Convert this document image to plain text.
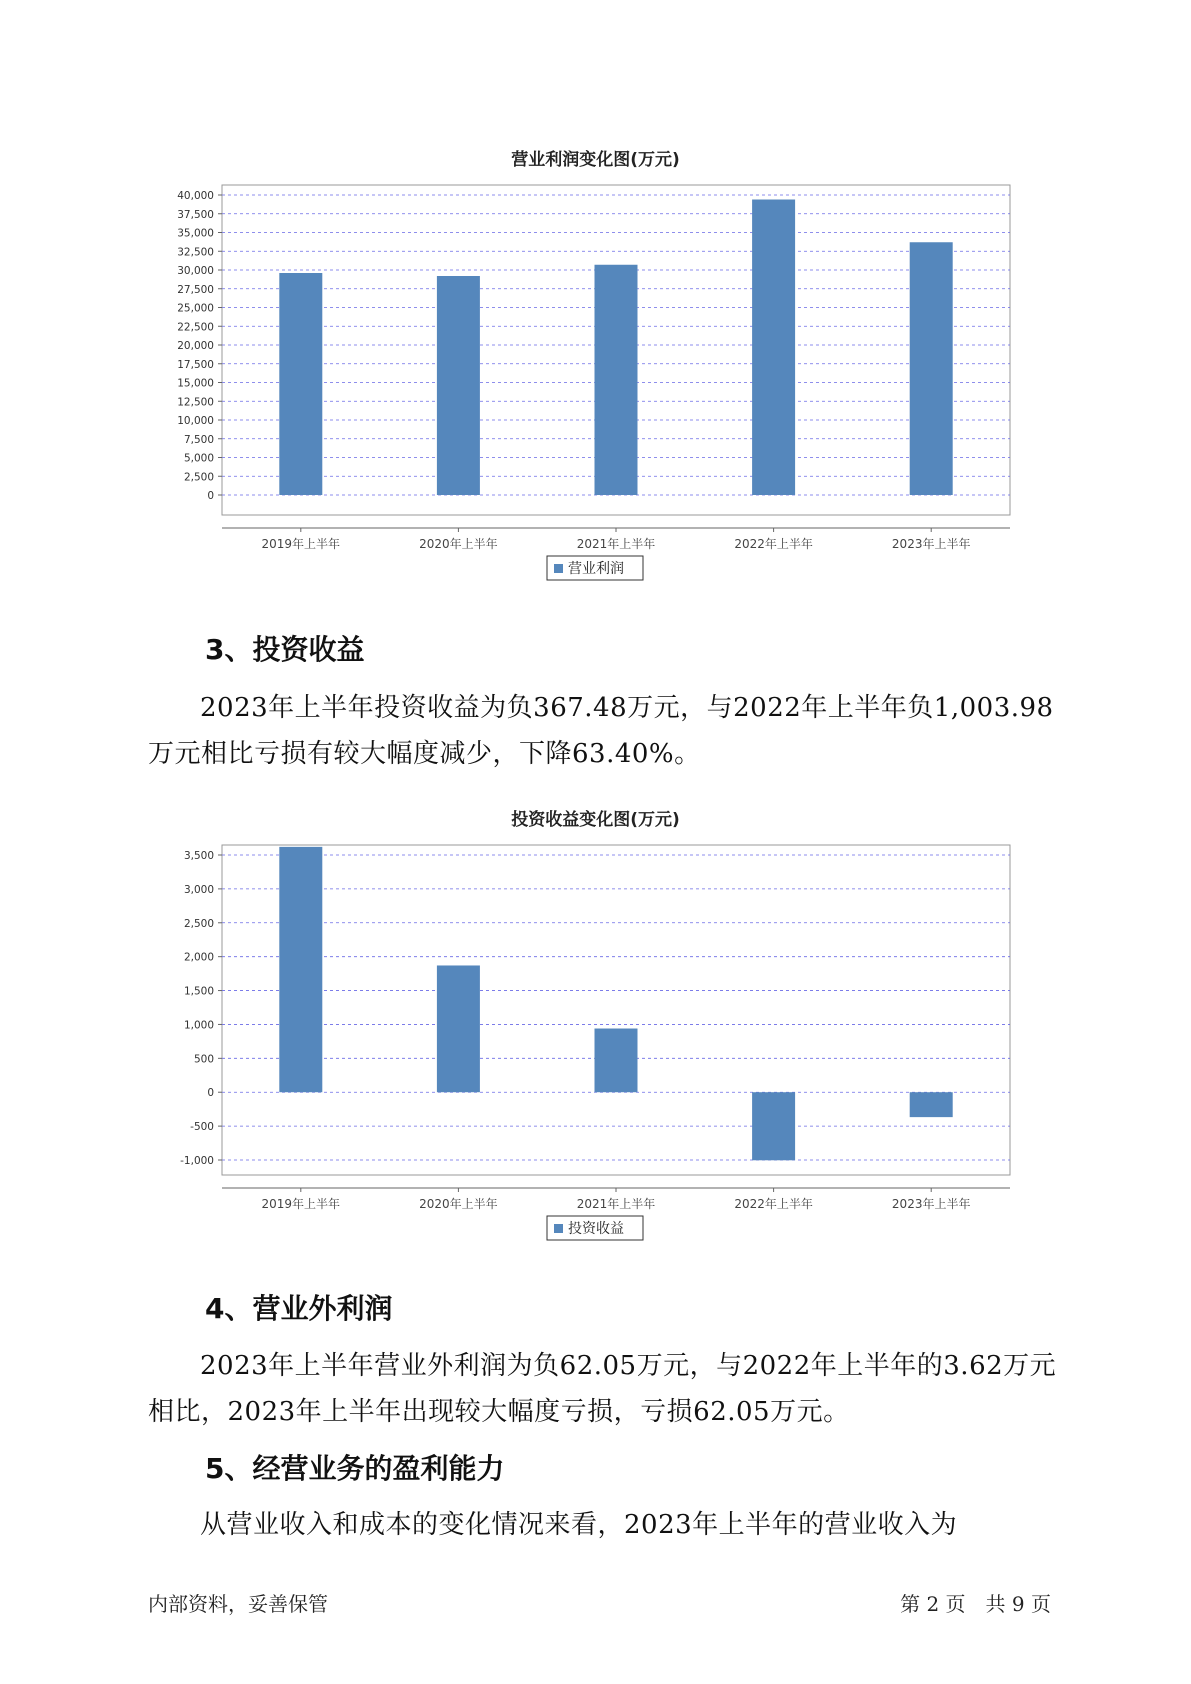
营业利润变化图(万元)
0
2,500
5,000
7,500
10,000
12,500
15,000
17,500
20,000
22,500
25,000
27,500
30,000
32,500
35,000
37,500
40,000
2019年上半年	2020年上半年	2021年上半年	2022年上半年	2023年上半年
营业利润
3、投资收益
2023年上半年投资收益为负367.48万元，与2022年上半年负1,003.98万元相比亏损有较大幅度减少，下降63.40%。
投资收益变化图(万元)
-1,000
-500
0
500
1,000
1,500
2,000
2,500
3,000
3,500
2019年上半年	2020年上半年	2021年上半年	2022年上半年	2023年上半年
投资收益
4、营业外利润
2023年上半年营业外利润为负62.05万元，与2022年上半年的3.62万元相比，2023年上半年出现较大幅度亏损，亏损62.05万元。
5、经营业务的盈利能力
从营业收入和成本的变化情况来看，2023年上半年的营业收入为
内部资料，妥善保管	第 2 页　共 9 页
